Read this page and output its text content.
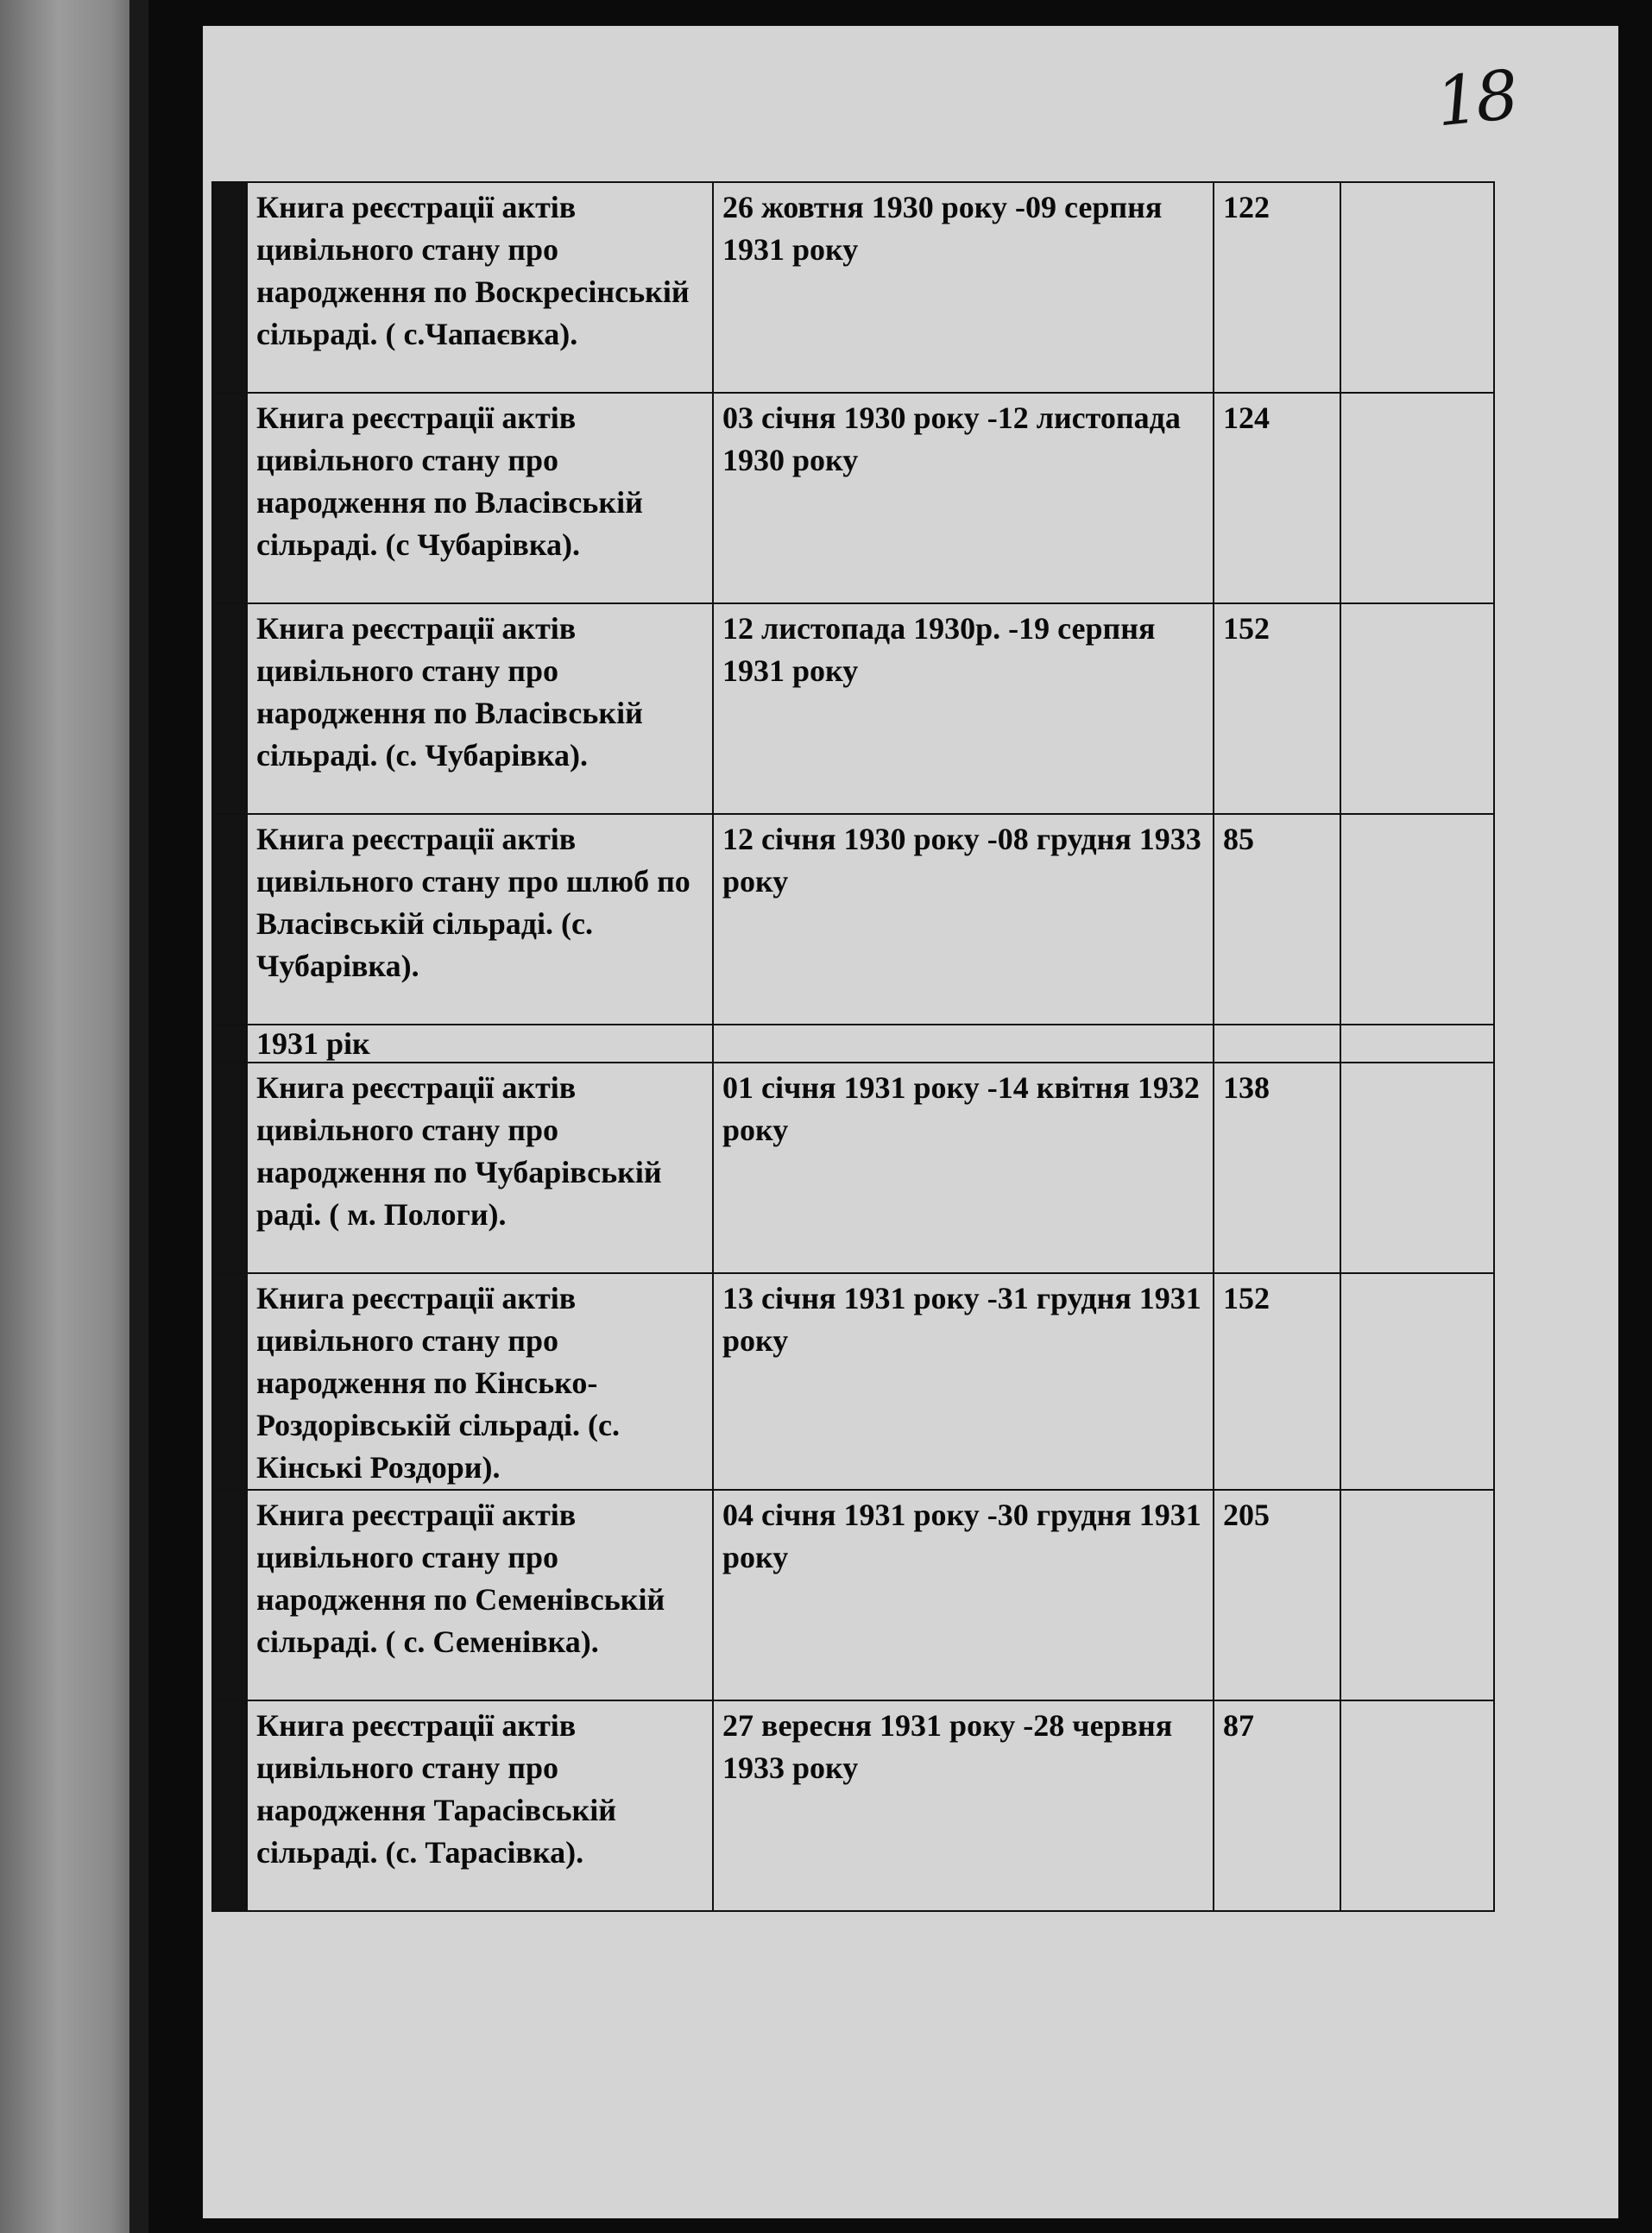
18
	Книга реєстрації актів цивільного стану про народження по Воскресінській сільраді. ( с.Чапаєвка).	26 жовтня 1930 року -09 серпня 1931 року	122	
	Книга реєстрації актів цивільного стану про народження по Власівській сільраді. (с Чубарівка).	03 січня 1930 року -12 листопада 1930 року	124	
	Книга реєстрації актів цивільного стану про народження по Власівській сільраді. (с. Чубарівка).	12 листопада 1930р. -19 серпня 1931 року	152	
	Книга реєстрації актів цивільного стану про шлюб по Власівській сільраді. (с. Чубарівка).	12 січня 1930 року -08 грудня 1933 року	85	
	1931 рік			
	Книга реєстрації актів цивільного стану про народження по Чубарівській раді. ( м. Пологи).	01 січня 1931 року -14 квітня 1932 року	138	
	Книга реєстрації актів цивільного стану про народження по Кінсько-Роздорівській сільраді. (с. Кінські Роздори).	13 січня 1931 року -31 грудня 1931 року	152	
	Книга реєстрації актів цивільного стану про народження по Семенівській сільраді. ( с. Семенівка).	04 січня 1931 року -30 грудня 1931 року	205	
	Книга реєстрації актів цивільного стану про народження Тарасівській сільраді. (с. Тарасівка).	27 вересня 1931 року -28 червня 1933 року	87	
